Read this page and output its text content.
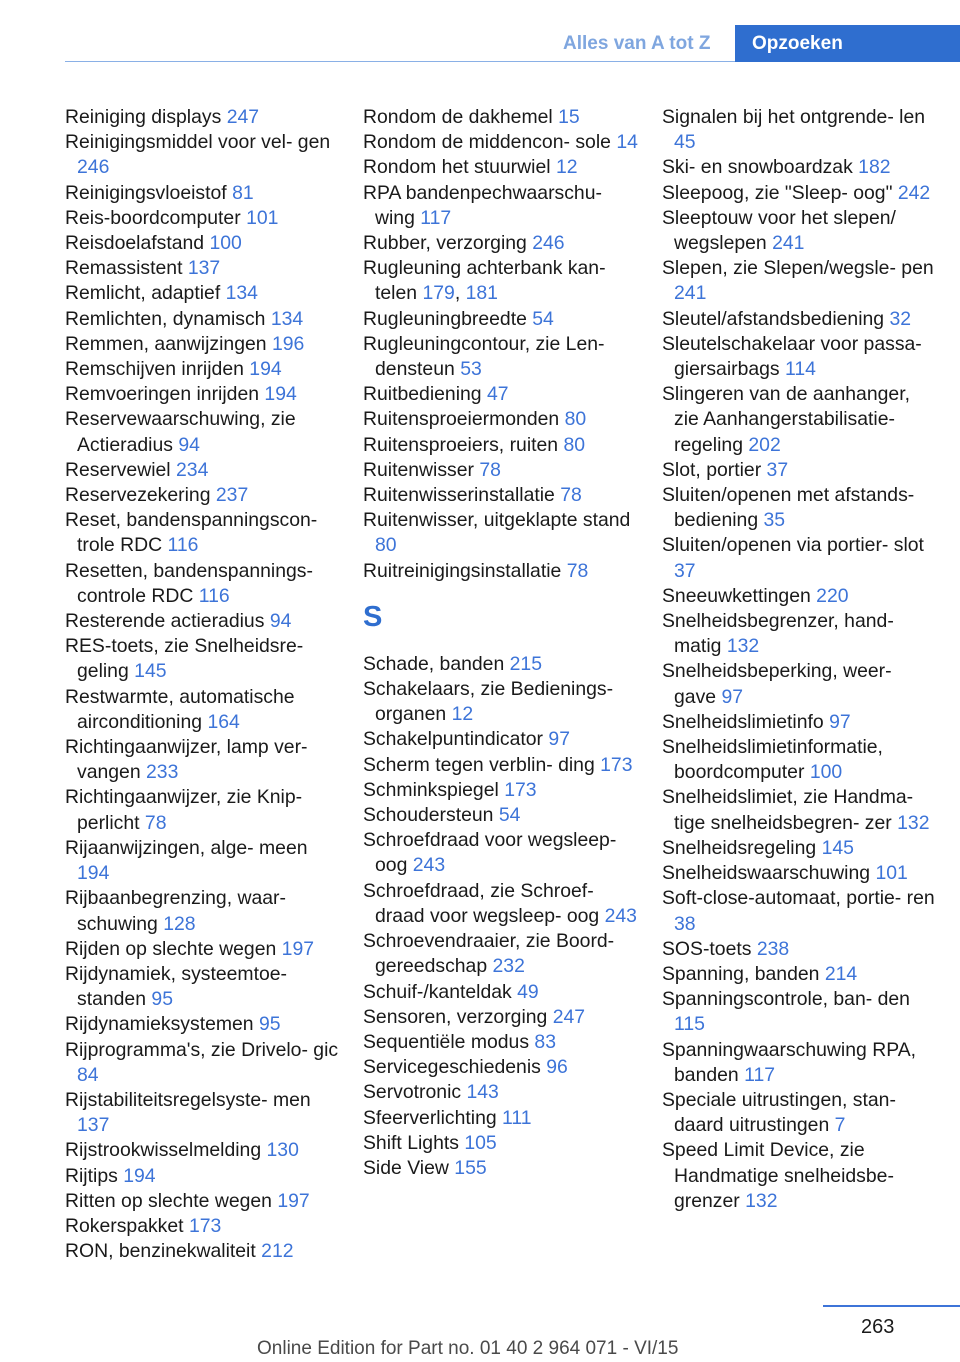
Alles van A tot Z	Opzoeken
Reiniging displays 247
Reinigingsmiddel voor vel‐ gen 246
Reinigingsvloeistof 81
Reis-boordcomputer 101
Reisdoelafstand 100
Remassistent 137
Remlicht, adaptief 134
Remlichten, dynamisch 134
Remmen, aanwijzingen 196
Remschijven inrijden 194
Remvoeringen inrijden 194
Reservewaarschuwing, zie Actieradius 94
Reservewiel 234
Reservezekering 237
Reset, bandenspanningscon‐ trole RDC 116
Resetten, bandenspannings‐ controle RDC 116
Resterende actieradius 94
RES-toets, zie Snelheidsre‐ geling 145
Restwarmte, automatische airconditioning 164
Richtingaanwijzer, lamp ver‐ vangen 233
Richtingaanwijzer, zie Knip‐ perlicht 78
Rijaanwijzingen, alge‐ meen 194
Rijbaanbegrenzing, waar‐ schuwing 128
Rijden op slechte wegen 197
Rijdynamiek, systeemtoe‐ standen 95
Rijdynamieksystemen 95
Rijprogramma's, zie Drivelo‐ gic 84
Rijstabiliteitsregelsyste‐ men 137
Rijstrookwisselmelding 130
Rijtips 194
Ritten op slechte wegen 197
Rokerspakket 173
RON, benzinekwaliteit 212
Rondom de dakhemel 15
Rondom de middencon‐ sole 14
Rondom het stuurwiel 12
RPA bandenpechwaarschu‐ wing 117
Rubber, verzorging 246
Rugleuning achterbank kan‐ telen 179, 181
Rugleuningbreedte 54
Rugleuningcontour, zie Len‐ densteun 53
Ruitbediening 47
Ruitensproeiermonden 80
Ruitensproeiers, ruiten 80
Ruitenwisser 78
Ruitenwisserinstallatie 78
Ruitenwisser, uitgeklapte stand 80
Ruitreinigingsinstallatie 78
S
Schade, banden 215
Schakelaars, zie Bedienings‐ organen 12
Schakelpuntindicator 97
Scherm tegen verblin‐ ding 173
Schminkspiegel 173
Schoudersteun 54
Schroefdraad voor wegsleep‐ oog 243
Schroefdraad, zie Schroef‐ draad voor wegsleep‐ oog 243
Schroevendraaier, zie Boord‐ gereedschap 232
Schuif-/kanteldak 49
Sensoren, verzorging 247
Sequentiële modus 83
Servicegeschiedenis 96
Servotronic 143
Sfeerverlichting 111
Shift Lights 105
Side View 155
Signalen bij het ontgrende‐ len 45
Ski- en snowboardzak 182
Sleepoog, zie "Sleep‐ oog" 242
Sleeptouw voor het slepen/ wegslepen 241
Slepen, zie Slepen/wegsle‐ pen 241
Sleutel/afstandsbediening 32
Sleutelschakelaar voor passa‐ giersairbags 114
Slingeren van de aanhanger, zie Aanhangerstabilisatie‐ regeling 202
Slot, portier 37
Sluiten/openen met afstands‐ bediening 35
Sluiten/openen via portier‐ slot 37
Sneeuwkettingen 220
Snelheidsbegrenzer, hand‐ matig 132
Snelheidsbeperking, weer‐ gave 97
Snelheidslimietinfo 97
Snelheidslimietinformatie, boordcomputer 100
Snelheidslimiet, zie Handma‐ tige snelheidsbegren‐ zer 132
Snelheidsregeling 145
Snelheidswaarschuwing 101
Soft-close-automaat, portie‐ ren 38
SOS-toets 238
Spanning, banden 214
Spanningscontrole, ban‐ den 115
Spanningwaarschuwing RPA, banden 117
Speciale uitrustingen, stan‐ daard uitrustingen 7
Speed Limit Device, zie Handmatige snelheidsbe‐ grenzer 132
263
Online Edition for Part no. 01 40 2 964 071 - VI/15
